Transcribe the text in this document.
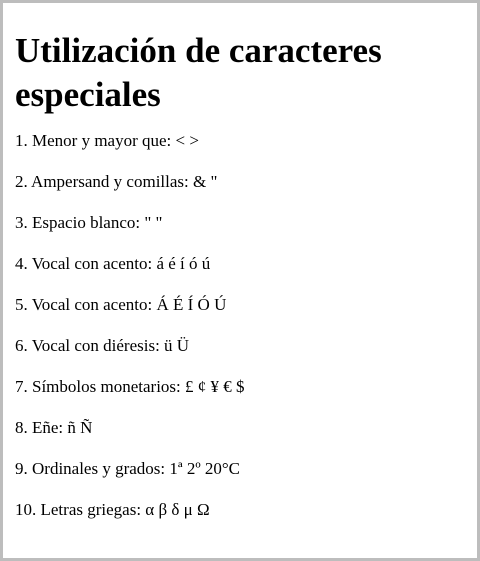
Utilización de caracteres especiales

1. Menor y mayor que: < >

2. Ampersand y comillas: & "

3. Espacio blanco: " "

4. Vocal con acento: á é í ó ú

5. Vocal con acento: Á É Í Ó Ú

6. Vocal con diéresis: ü Ü

7. Símbolos monetarios: £ ¢ ¥ € $

8. Eñe: ñ Ñ

9. Ordinales y grados: 1ª 2º 20°C

10. Letras griegas: α β δ μ Ω
